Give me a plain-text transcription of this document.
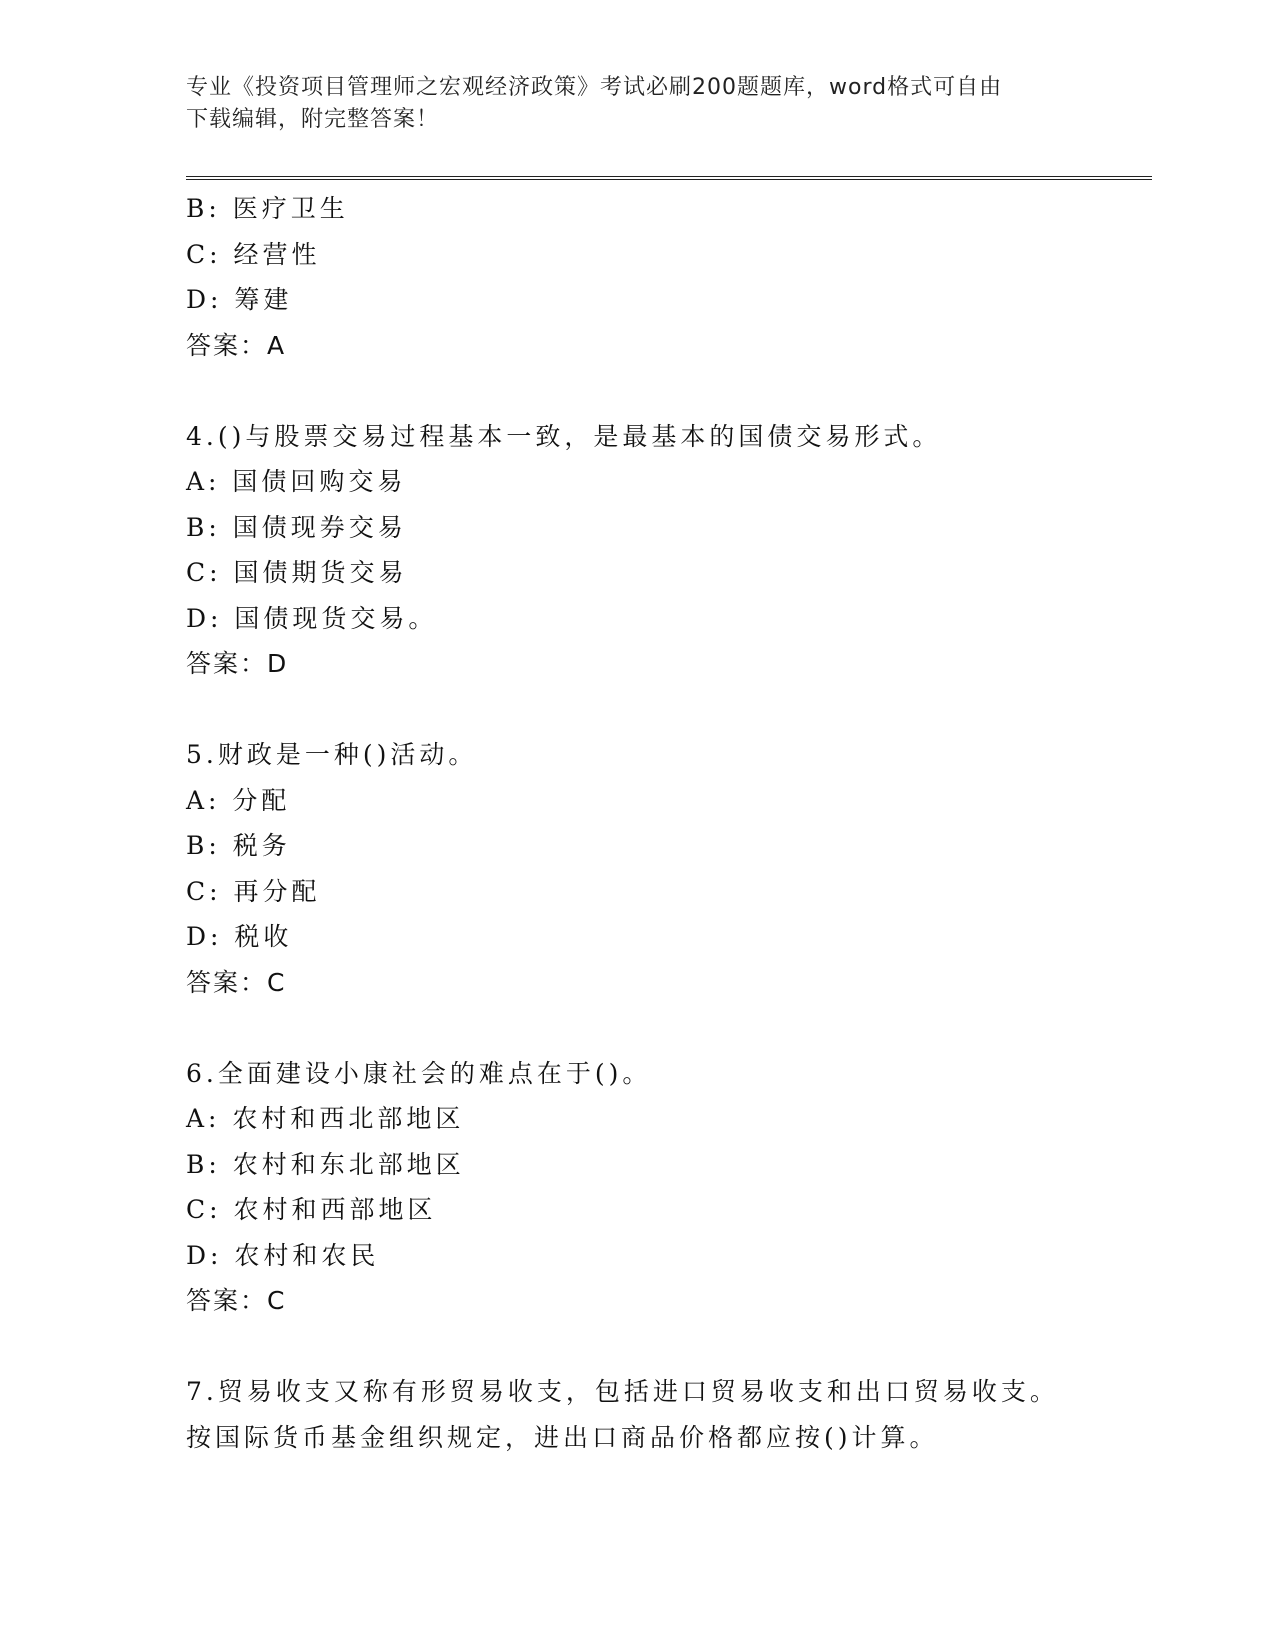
专业《投资项目管理师之宏观经济政策》考试必刷200题题库，word格式可自由
下载编辑，附完整答案！
B: 医疗卫生
C: 经营性
D: 筹建
答案：A
4.()与股票交易过程基本一致，是最基本的国债交易形式。
A: 国债回购交易
B: 国债现券交易
C: 国债期货交易
D: 国债现货交易。
答案：D
5.财政是一种()活动。
A: 分配
B: 税务
C: 再分配
D: 税收
答案：C
6.全面建设小康社会的难点在于()。
A: 农村和西北部地区
B: 农村和东北部地区
C: 农村和西部地区
D: 农村和农民
答案：C
7.贸易收支又称有形贸易收支，包括进口贸易收支和出口贸易收支。
按国际货币基金组织规定，进出口商品价格都应按()计算。
